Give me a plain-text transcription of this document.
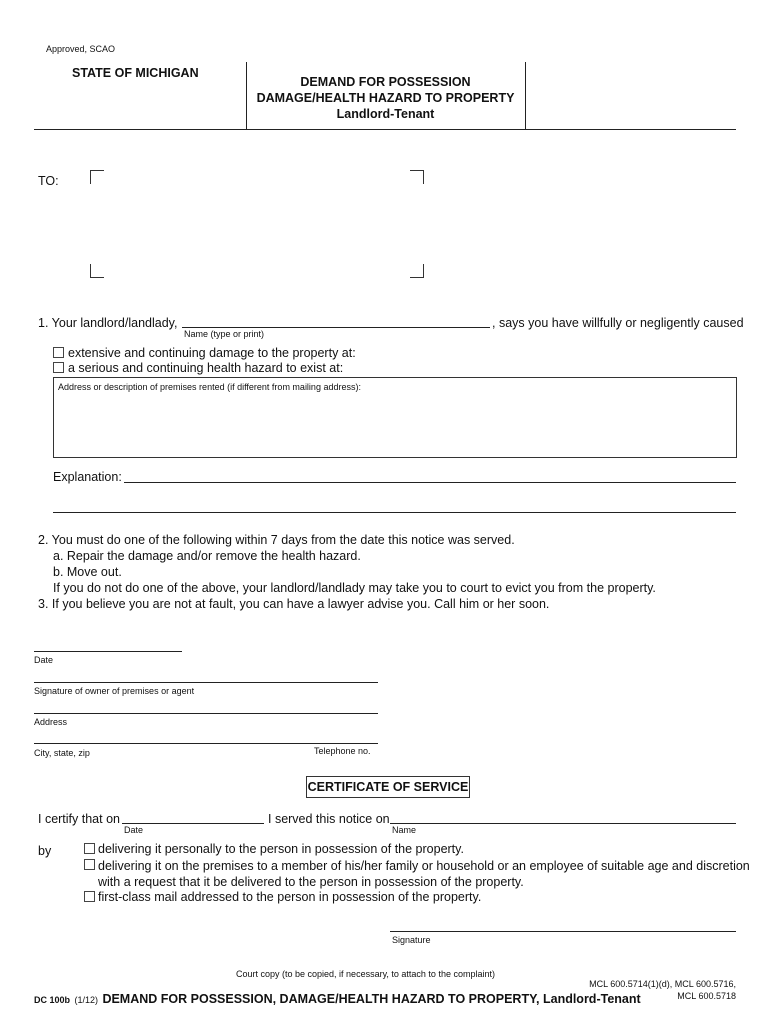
Approved, SCAO
STATE OF MICHIGAN
DEMAND FOR POSSESSION
DAMAGE/HEALTH HAZARD TO PROPERTY
Landlord-Tenant
TO:
1. Your landlord/landlady,	, says you have willfully or negligently caused
Name (type or print)
extensive and continuing damage to the property at:
a serious and continuing health hazard to exist at:
Address or description of premises rented (if different from mailing address):
Explanation:
2. You must do one of the following within 7 days from the date this notice was served.
a. Repair the damage and/or remove the health hazard.
b. Move out.
If you do not do one of the above, your landlord/landlady may take you to court to evict you from the property.
3. If you believe you are not at fault, you can have a lawyer advise you. Call him or her soon.
Date
Signature of owner of premises or agent
Address
City, state, zip	Telephone no.
CERTIFICATE OF SERVICE
I certify that on	I served this notice on
Date	Name
by	delivering it personally to the person in possession of the property.
delivering it on the premises to a member of his/her family or household or an employee of suitable age and discretion
with a request that it be delivered to the person in possession of the property.
first-class mail addressed to the person in possession of the property.
Signature
Court copy (to be copied, if necessary, to attach to the complaint)
DC 100b (1/12) DEMAND FOR POSSESSION, DAMAGE/HEALTH HAZARD TO PROPERTY, Landlord-Tenant
MCL 600.5714(1)(d), MCL 600.5716,
MCL 600.5718
